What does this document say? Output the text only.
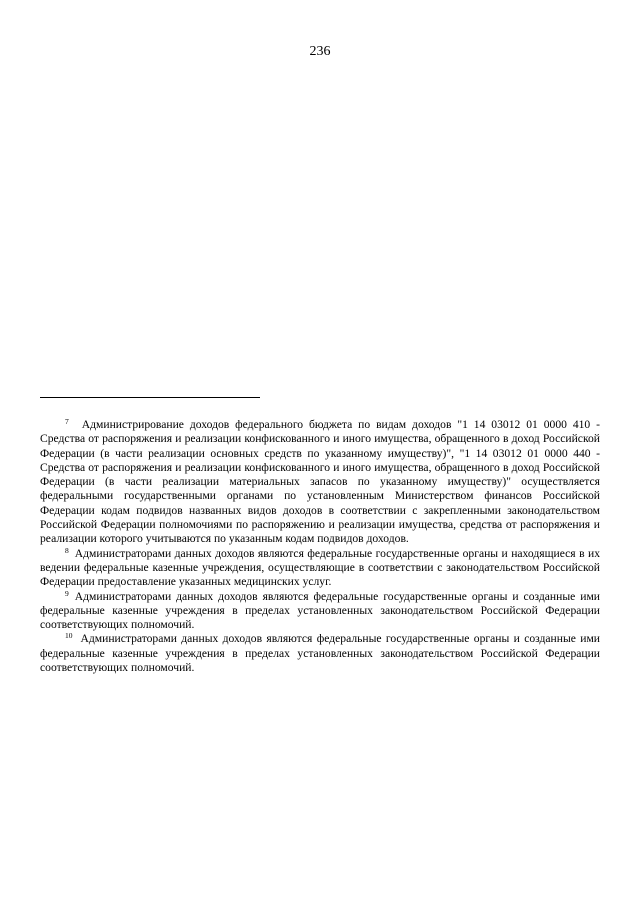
236

$^7$ Администрирование доходов федерального бюджета по видам доходов "1 14 03012 01 0000 410 - Средства от распоряжения и реализации конфискованного и иного имущества, обращенного в доход Российской Федерации (в части реализации основных средств по указанному имуществу)", "1 14 03012 01 0000 440 - Средства от распоряжения и реализации конфискованного и иного имущества, обращенного в доход Российской Федерации (в части реализации материальных запасов по указанному имуществу)" осуществляется федеральными государственными органами по установленным Министерством финансов Российской Федерации кодам подвидов названных видов доходов в соответствии с закрепленными законодательством Российской Федерации полномочиями по распоряжению и реализации имущества, средства от распоряжения и реализации которого учитываются по указанным кодам подвидов доходов.

$^8$ Администраторами данных доходов являются федеральные государственные органы и находящиеся в их ведении федеральные казенные учреждения, осуществляющие в соответствии с законодательством Российской Федерации предоставление указанных медицинских услуг.

$^9$ Администраторами данных доходов являются федеральные государственные органы и созданные ими федеральные казенные учреждения в пределах установленных законодательством Российской Федерации соответствующих полномочий.

$^{10}$ Администраторами данных доходов являются федеральные государственные органы и созданные ими федеральные казенные учреждения в пределах установленных законодательством Российской Федерации соответствующих полномочий.
